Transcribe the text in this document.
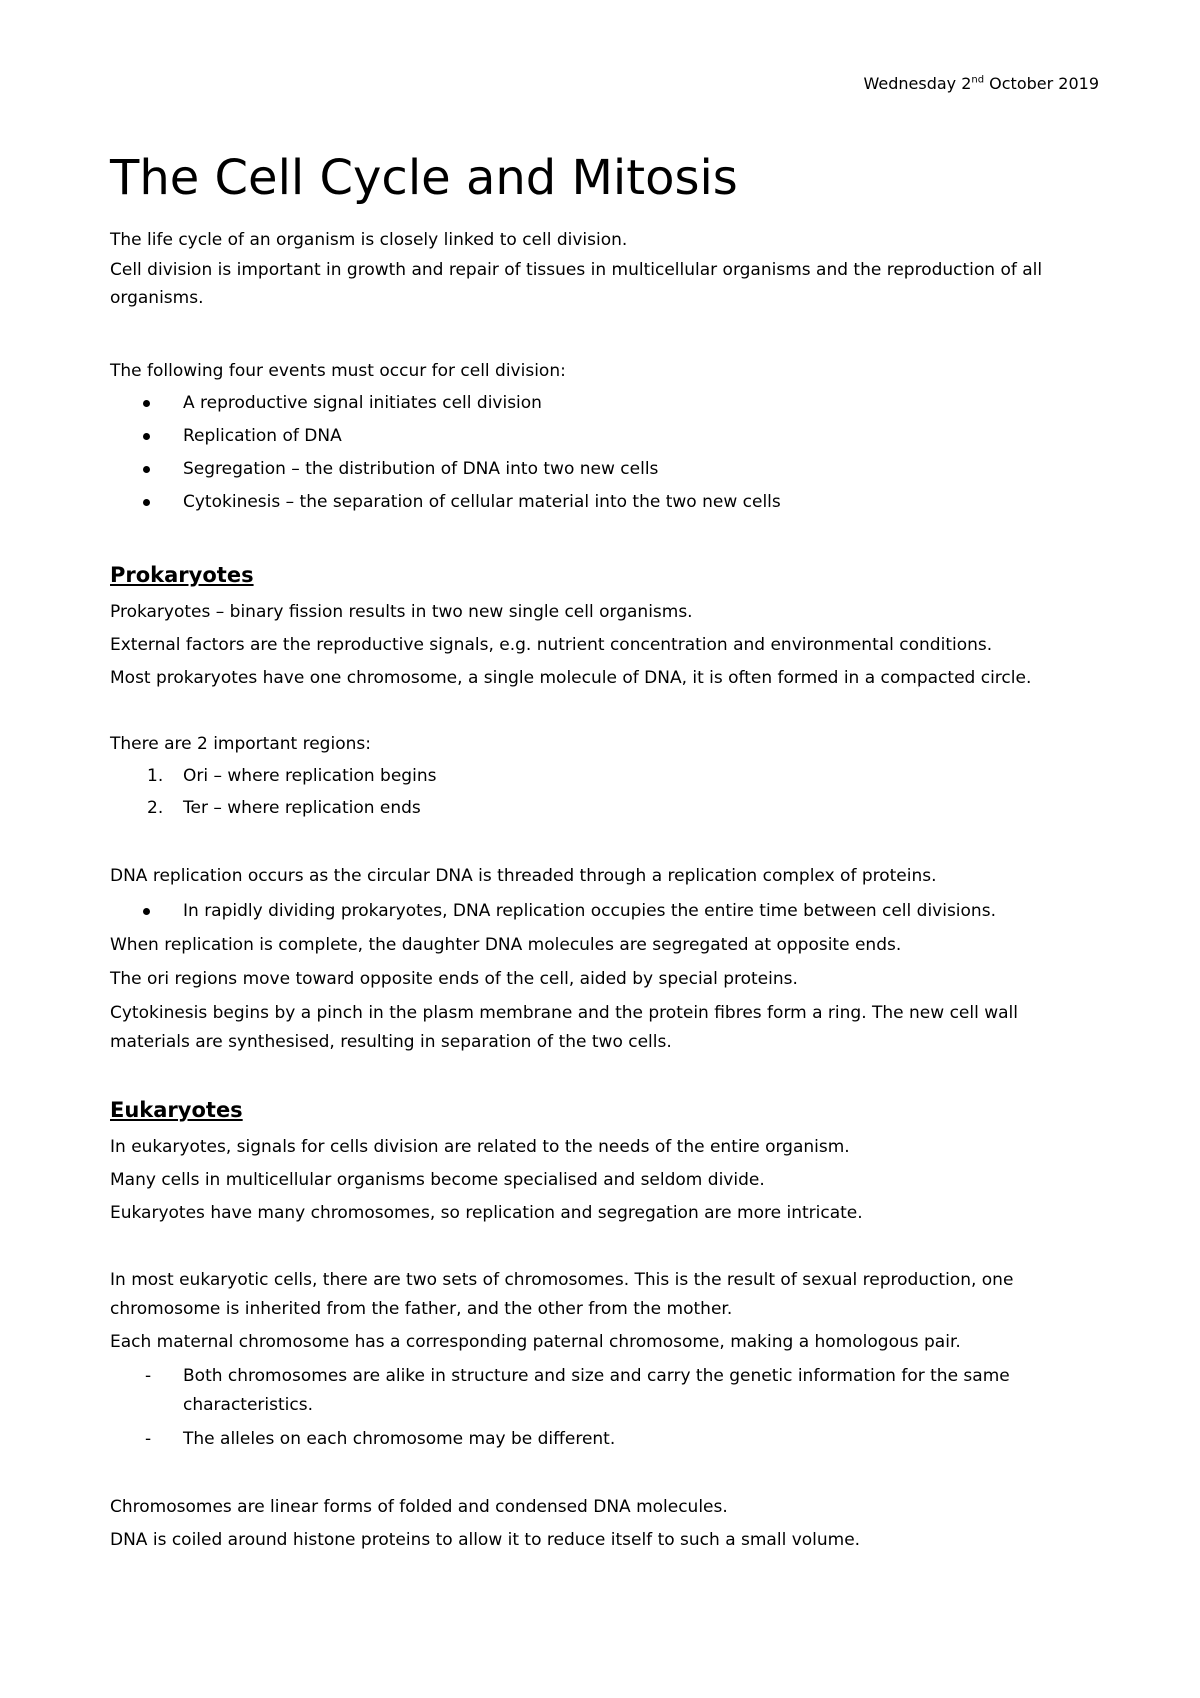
Wednesday 2nd October 2019
The Cell Cycle and Mitosis

The life cycle of an organism is closely linked to cell division.

Cell division is important in growth and repair of tissues in multicellular organisms and the reproduction of all

organisms.

The following four events must occur for cell division:

A reproductive signal initiates cell division
Replication of DNA
Segregation – the distribution of DNA into two new cells
Cytokinesis – the separation of cellular material into the two new cells
Prokaryotes

Prokaryotes – binary fission results in two new single cell organisms.

External factors are the reproductive signals, e.g. nutrient concentration and environmental conditions.

Most prokaryotes have one chromosome, a single molecule of DNA, it is often formed in a compacted circle.

There are 2 important regions:

1. Ori – where replication begins
2. Ter – where replication ends

DNA replication occurs as the circular DNA is threaded through a replication complex of proteins.

In rapidly dividing prokaryotes, DNA replication occupies the entire time between cell divisions.

When replication is complete, the daughter DNA molecules are segregated at opposite ends.

The ori regions move toward opposite ends of the cell, aided by special proteins.

Cytokinesis begins by a pinch in the plasm membrane and the protein fibres form a ring. The new cell wall

materials are synthesised, resulting in separation of the two cells.

Eukaryotes

In eukaryotes, signals for cells division are related to the needs of the entire organism.

Many cells in multicellular organisms become specialised and seldom divide.

Eukaryotes have many chromosomes, so replication and segregation are more intricate.

In most eukaryotic cells, there are two sets of chromosomes. This is the result of sexual reproduction, one

chromosome is inherited from the father, and the other from the mother.

Each maternal chromosome has a corresponding paternal chromosome, making a homologous pair.

- Both chromosomes are alike in structure and size and carry the genetic information for the same
characteristics.
- The alleles on each chromosome may be different.

Chromosomes are linear forms of folded and condensed DNA molecules.

DNA is coiled around histone proteins to allow it to reduce itself to such a small volume.
